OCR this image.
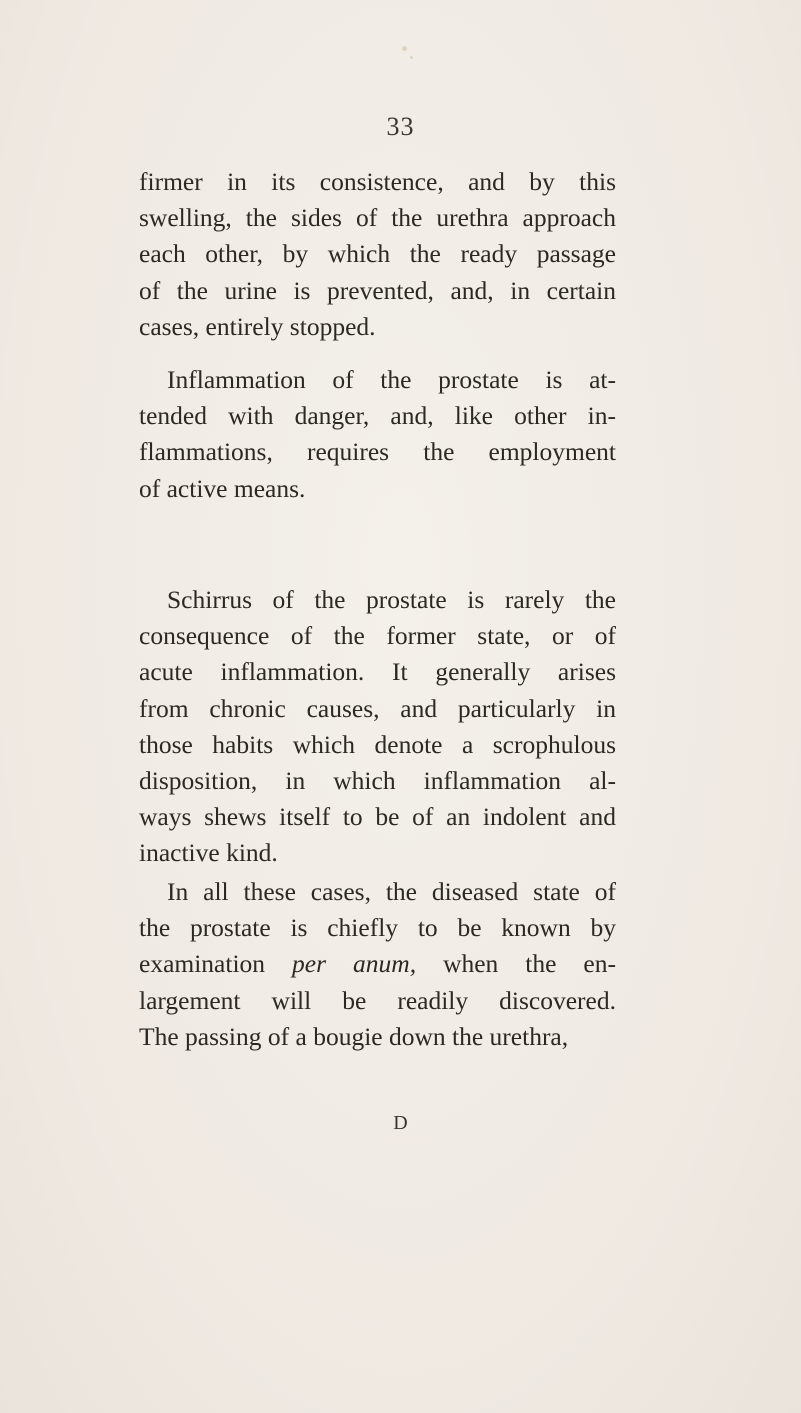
33
firmer in its consistence, and by this
swelling, the sides of the urethra approach
each other, by which the ready passage
of the urine is prevented, and, in certain
cases, entirely stopped.
Inflammation of the prostate is at-
tended with danger, and, like other in-
flammations, requires the employment
of active means.
Schirrus of the prostate is rarely the
consequence of the former state, or of
acute inflammation. It generally arises
from chronic causes, and particularly in
those habits which denote a scrophulous
disposition, in which inflammation al-
ways shews itself to be of an indolent and
inactive kind.
In all these cases, the diseased state of
the prostate is chiefly to be known by
examination per anum, when the en-
largement will be readily discovered.
The passing of a bougie down the urethra,
D
